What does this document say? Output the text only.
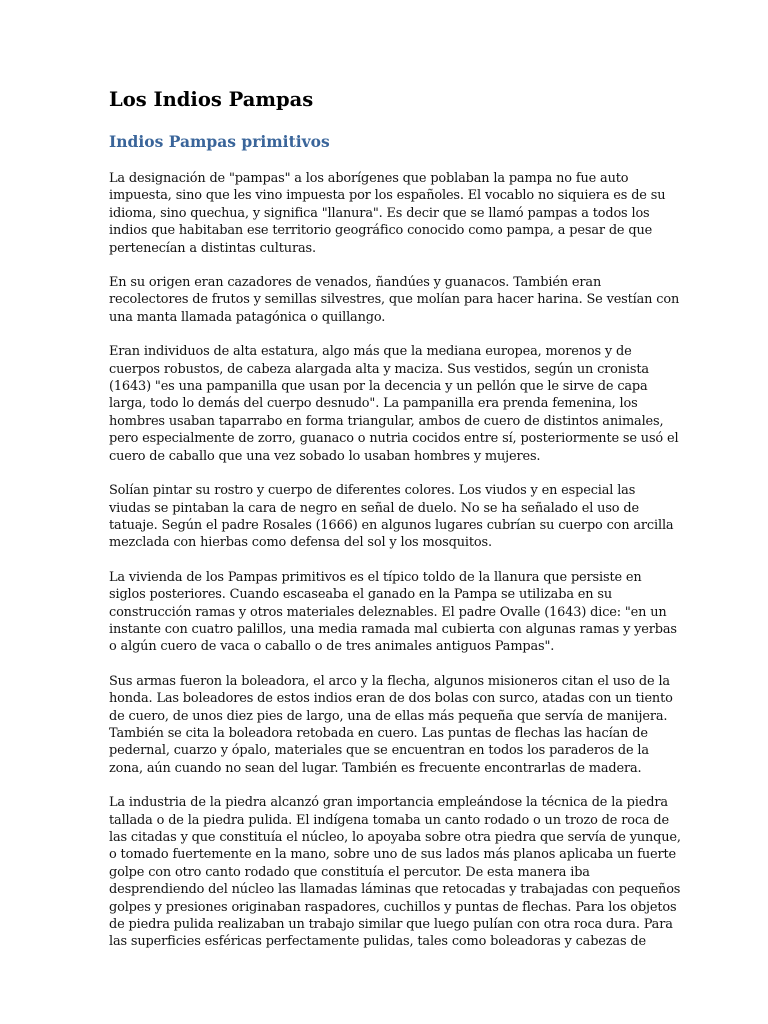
Los Indios Pampas
Indios Pampas primitivos

La designación de "pampas" a los aborígenes que poblaban la pampa no fue auto
impuesta, sino que les vino impuesta por los españoles. El vocablo no siquiera es de su
idioma, sino quechua, y significa "llanura". Es decir que se llamó pampas a todos los
indios que habitaban ese territorio geográfico conocido como pampa, a pesar de que
pertenecían a distintas culturas.

En su origen eran cazadores de venados, ñandúes y guanacos. También eran
recolectores de frutos y semillas silvestres, que molían para hacer harina. Se vestían con
una manta llamada patagónica o quillango.

Eran individuos de alta estatura, algo más que la mediana europea, morenos y de
cuerpos robustos, de cabeza alargada alta y maciza. Sus vestidos, según un cronista
(1643) "es una pampanilla que usan por la decencia y un pellón que le sirve de capa
larga, todo lo demás del cuerpo desnudo". La pampanilla era prenda femenina, los
hombres usaban taparrabo en forma triangular, ambos de cuero de distintos animales,
pero especialmente de zorro, guanaco o nutria cocidos entre sí, posteriormente se usó el
cuero de caballo que una vez sobado lo usaban hombres y mujeres.

Solían pintar su rostro y cuerpo de diferentes colores. Los viudos y en especial las
viudas se pintaban la cara de negro en señal de duelo. No se ha señalado el uso de
tatuaje. Según el padre Rosales (1666) en algunos lugares cubrían su cuerpo con arcilla
mezclada con hierbas como defensa del sol y los mosquitos.

La vivienda de los Pampas primitivos es el típico toldo de la llanura que persiste en
siglos posteriores. Cuando escaseaba el ganado en la Pampa se utilizaba en su
construcción ramas y otros materiales deleznables. El padre Ovalle (1643) dice: "en un
instante con cuatro palillos, una media ramada mal cubierta con algunas ramas y yerbas
o algún cuero de vaca o caballo o de tres animales antiguos Pampas".

Sus armas fueron la boleadora, el arco y la flecha, algunos misioneros citan el uso de la
honda. Las boleadores de estos indios eran de dos bolas con surco, atadas con un tiento
de cuero, de unos diez pies de largo, una de ellas más pequeña que servía de manijera.
También se cita la boleadora retobada en cuero. Las puntas de flechas las hacían de
pedernal, cuarzo y ópalo, materiales que se encuentran en todos los paraderos de la
zona, aún cuando no sean del lugar. También es frecuente encontrarlas de madera.

La industria de la piedra alcanzó gran importancia empleándose la técnica de la piedra
tallada o de la piedra pulida. El indígena tomaba un canto rodado o un trozo de roca de
las citadas y que constituía el núcleo, lo apoyaba sobre otra piedra que servía de yunque,
o tomado fuertemente en la mano, sobre uno de sus lados más planos aplicaba un fuerte
golpe con otro canto rodado que constituía el percutor. De esta manera iba
desprendiendo del núcleo las llamadas láminas que retocadas y trabajadas con pequeños
golpes y presiones originaban raspadores, cuchillos y puntas de flechas. Para los objetos
de piedra pulida realizaban un trabajo similar que luego pulían con otra roca dura. Para
las superficies esféricas perfectamente pulidas, tales como boleadoras y cabezas de
